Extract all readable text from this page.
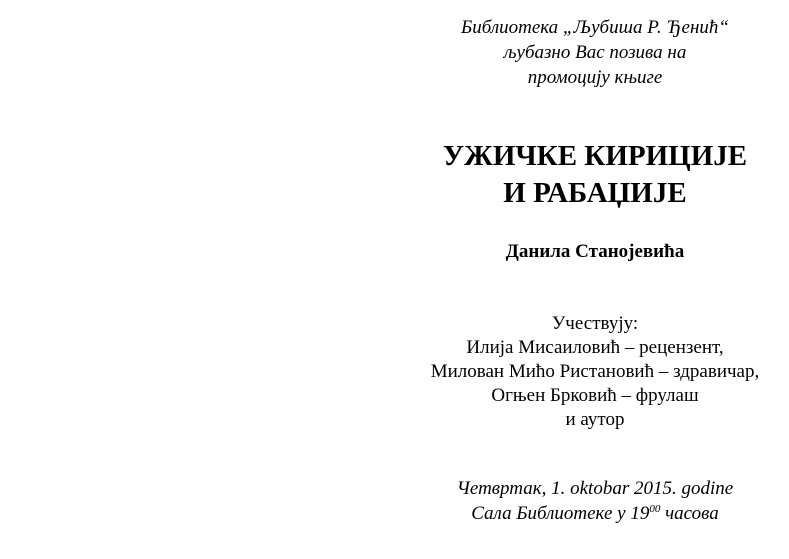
Библиотека „Љубиша Р. Ђенић“
љубазно Вас позива на
промоцију књиге
УЖИЧКЕ КИРИЦИЈЕ
И РАБАЏИЈЕ
Данила Станојевића
Учествују:
Илија Мисаиловић – рецензент,
Милован Мићо Ристановић – здравичар,
Огњен Брковић – фрулаш
и аутор
Четвртак, 1. oktobar 2015. godine
Сала Библиотеке у $19^{00}$ часова
